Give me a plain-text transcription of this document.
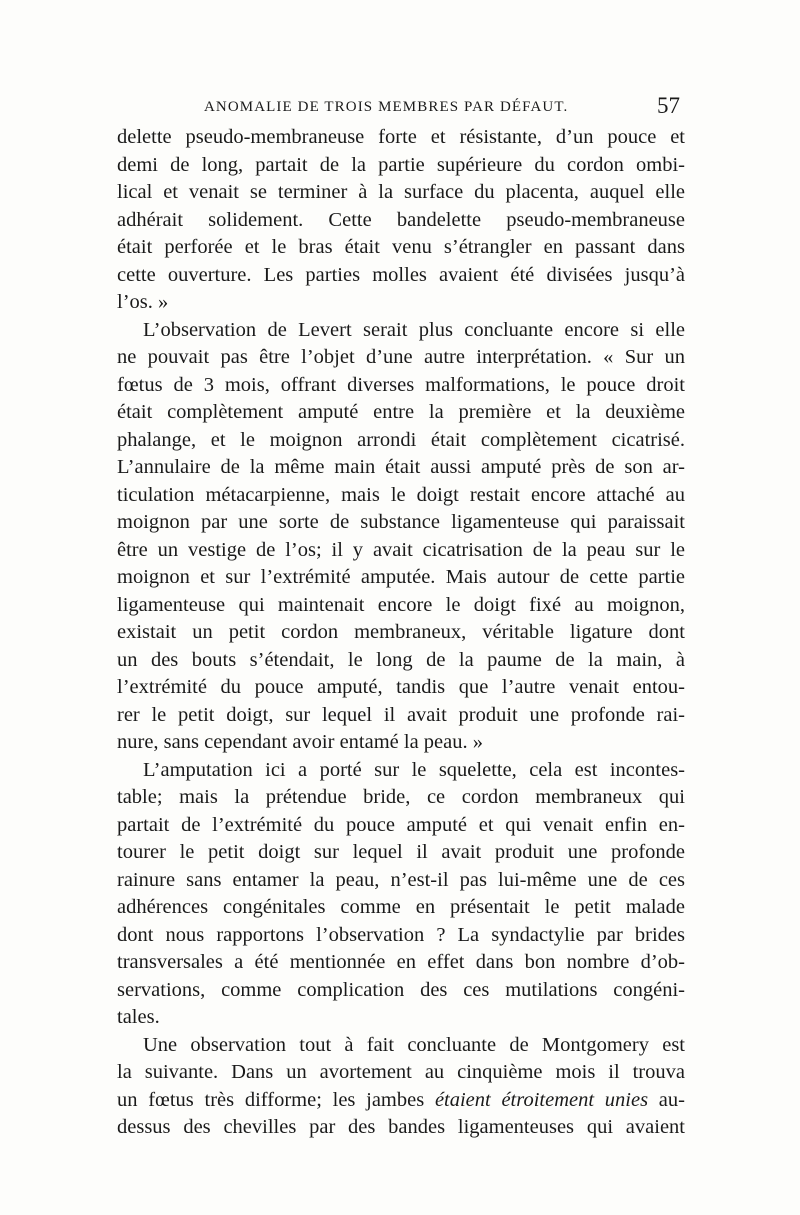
ANOMALIE DE TROIS MEMBRES PAR DÉFAUT.	57
delette pseudo-membraneuse forte et résistante, d’un pouce et
demi de long, partait de la partie supérieure du cordon ombi-
lical et venait se terminer à la surface du placenta, auquel elle
adhérait solidement. Cette bandelette pseudo-membraneuse
était perforée et le bras était venu s’étrangler en passant dans
cette ouverture. Les parties molles avaient été divisées jusqu’à
l’os. »
L’observation de Levert serait plus concluante encore si elle
ne pouvait pas être l’objet d’une autre interprétation. « Sur un
fœtus de 3 mois, offrant diverses malformations, le pouce droit
était complètement amputé entre la première et la deuxième
phalange, et le moignon arrondi était complètement cicatrisé.
L’annulaire de la même main était aussi amputé près de son ar-
ticulation métacarpienne, mais le doigt restait encore attaché au
moignon par une sorte de substance ligamenteuse qui paraissait
être un vestige de l’os; il y avait cicatrisation de la peau sur le
moignon et sur l’extrémité amputée. Mais autour de cette partie
ligamenteuse qui maintenait encore le doigt fixé au moignon,
existait un petit cordon membraneux, véritable ligature dont
un des bouts s’étendait, le long de la paume de la main, à
l’extrémité du pouce amputé, tandis que l’autre venait entou-
rer le petit doigt, sur lequel il avait produit une profonde rai-
nure, sans cependant avoir entamé la peau. »
L’amputation ici a porté sur le squelette, cela est incontes-
table; mais la prétendue bride, ce cordon membraneux qui
partait de l’extrémité du pouce amputé et qui venait enfin en-
tourer le petit doigt sur lequel il avait produit une profonde
rainure sans entamer la peau, n’est-il pas lui-même une de ces
adhérences congénitales comme en présentait le petit malade
dont nous rapportons l’observation ? La syndactylie par brides
transversales a été mentionnée en effet dans bon nombre d’ob-
servations, comme complication des ces mutilations congéni-
tales.
Une observation tout à fait concluante de Montgomery est
la suivante. Dans un avortement au cinquième mois il trouva
un fœtus très difforme; les jambes étaient étroitement unies au-
dessus des chevilles par des bandes ligamenteuses qui avaient
